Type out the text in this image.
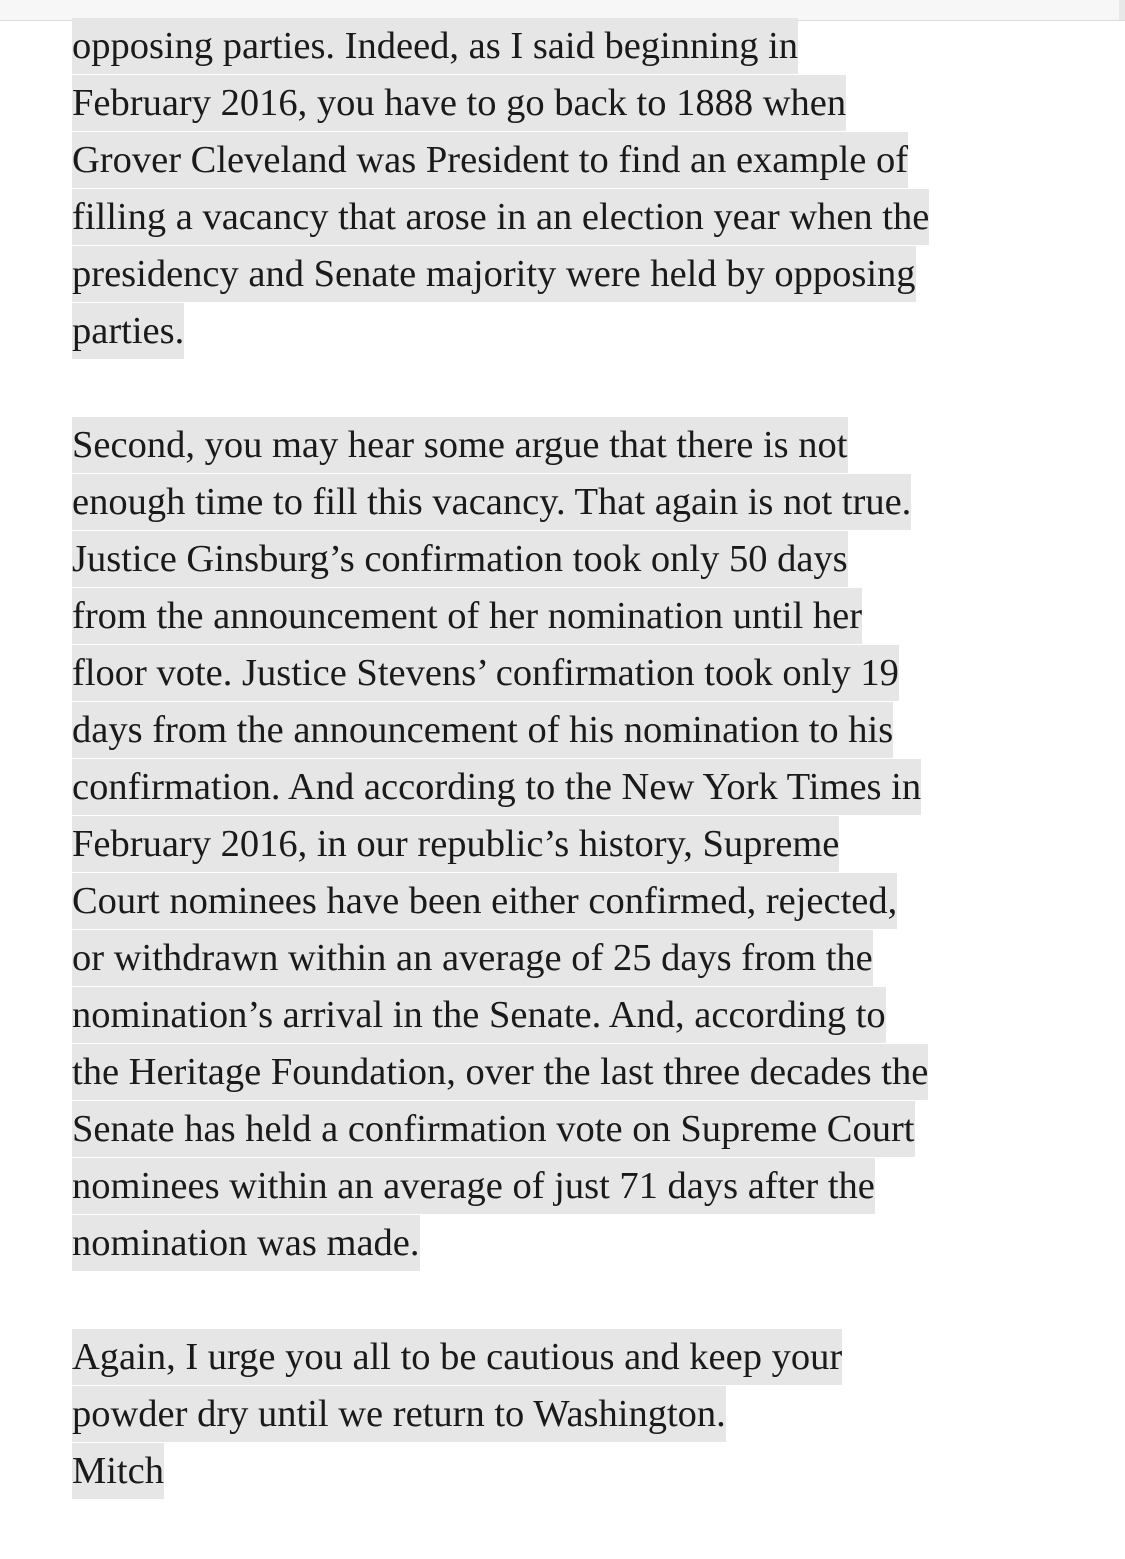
opposing parties. Indeed, as I said beginning in
February 2016, you have to go back to 1888 when
Grover Cleveland was President to find an example of
filling a vacancy that arose in an election year when the
presidency and Senate majority were held by opposing
parties.
Second, you may hear some argue that there is not
enough time to fill this vacancy. That again is not true.
Justice Ginsburg’s confirmation took only 50 days
from the announcement of her nomination until her
floor vote. Justice Stevens’ confirmation took only 19
days from the announcement of his nomination to his
confirmation. And according to the New York Times in
February 2016, in our republic’s history, Supreme
Court nominees have been either confirmed, rejected,
or withdrawn within an average of 25 days from the
nomination’s arrival in the Senate. And, according to
the Heritage Foundation, over the last three decades the
Senate has held a confirmation vote on Supreme Court
nominees within an average of just 71 days after the
nomination was made.
Again, I urge you all to be cautious and keep your
powder dry until we return to Washington.
Mitch
